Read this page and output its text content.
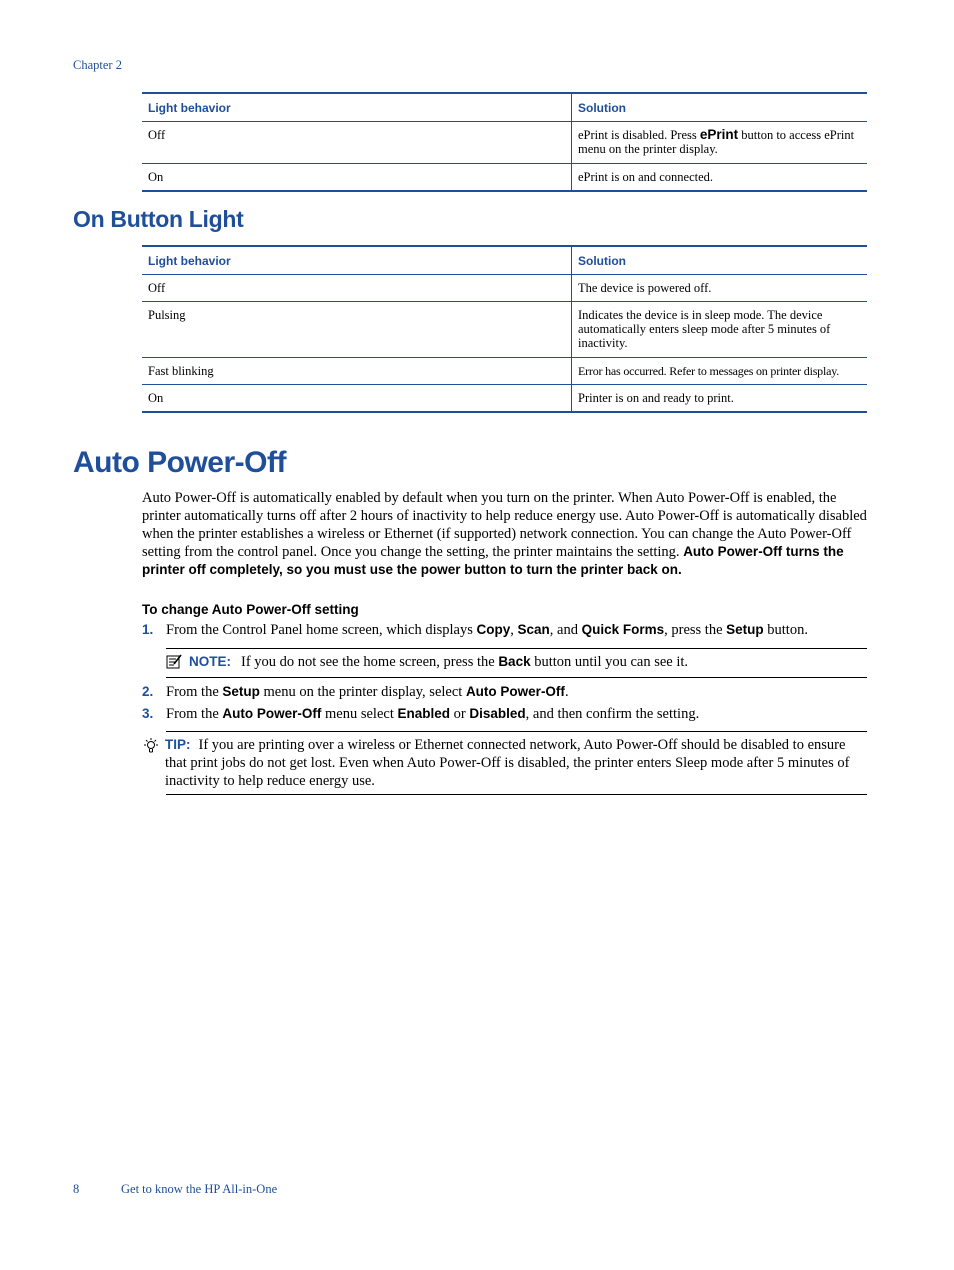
Chapter 2
Light behavior	Solution
Off	ePrint is disabled. Press ePrint button to access ePrint menu on the printer display.
On	ePrint is on and connected.
On Button Light
Light behavior	Solution
Off	The device is powered off.
Pulsing	Indicates the device is in sleep mode. The device automatically enters sleep mode after 5 minutes of inactivity.
Fast blinking	Error has occurred. Refer to messages on printer display.
On	Printer is on and ready to print.
Auto Power-Off

Auto Power-Off is automatically enabled by default when you turn on the printer. When Auto Power-Off is enabled, the printer automatically turns off after 2 hours of inactivity to help reduce energy use. Auto Power-Off is automatically disabled when the printer establishes a wireless or Ethernet (if supported) network connection. You can change the Auto Power-Off setting from the control panel. Once you change the setting, the printer maintains the setting. Auto Power-Off turns the printer off completely, so you must use the power button to turn the printer back on.

To change Auto Power-Off setting
1. From the Control Panel home screen, which displays Copy, Scan, and Quick Forms, press the Setup button.
NOTE: If you do not see the home screen, press the Back button until you can see it.
2. From the Setup menu on the printer display, select Auto Power-Off.
3. From the Auto Power-Off menu select Enabled or Disabled, and then confirm the setting.

TIP: If you are printing over a wireless or Ethernet connected network, Auto Power-Off should be disabled to ensure that print jobs do not get lost. Even when Auto Power-Off is disabled, the printer enters Sleep mode after 5 minutes of inactivity to help reduce energy use.

8	Get to know the HP All-in-One
